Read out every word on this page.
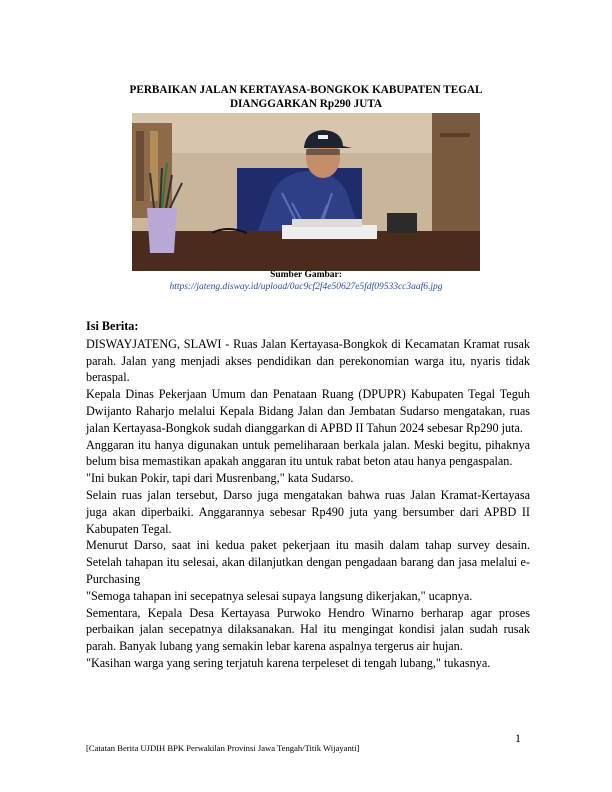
PERBAIKAN JALAN KERTAYASA-BONGKOK KABUPATEN TEGAL
DIANGGARKAN Rp290 JUTA
Sumber Gambar:
https://jateng.disway.id/upload/0ac9cf2f4e50627e5fdf09533cc3aaf6.jpg

Isi Berita:

DISWAYJATENG, SLAWI - Ruas Jalan Kertayasa-Bongkok di Kecamatan Kramat rusak parah. Jalan yang menjadi akses pendidikan dan perekonomian warga itu, nyaris tidak beraspal.

Kepala Dinas Pekerjaan Umum dan Penataan Ruang (DPUPR) Kabupaten Tegal Teguh Dwijanto Raharjo melalui Kepala Bidang Jalan dan Jembatan Sudarso mengatakan, ruas jalan Kertayasa-Bongkok sudah dianggarkan di APBD II Tahun 2024 sebesar Rp290 juta.

Anggaran itu hanya digunakan untuk pemeliharaan berkala jalan. Meski begitu, pihaknya belum bisa memastikan apakah anggaran itu untuk rabat beton atau hanya pengaspalan.

"Ini bukan Pokir, tapi dari Musrenbang," kata Sudarso.

Selain ruas jalan tersebut, Darso juga mengatakan bahwa ruas Jalan Kramat-Kertayasa juga akan diperbaiki. Anggarannya sebesar Rp490 juta yang bersumber dari APBD II Kabupaten Tegal.

Menurut Darso, saat ini kedua paket pekerjaan itu masih dalam tahap survey desain. Setelah tahapan itu selesai, akan dilanjutkan dengan pengadaan barang dan jasa melalui e-Purchasing

"Semoga tahapan ini secepatnya selesai supaya langsung dikerjakan," ucapnya.

Sementara, Kepala Desa Kertayasa Purwoko Hendro Winarno berharap agar proses perbaikan jalan secepatnya dilaksanakan. Hal itu mengingat kondisi jalan sudah rusak parah. Banyak lubang yang semakin lebar karena aspalnya tergerus air hujan.

"Kasihan warga yang sering terjatuh karena terpeleset di tengah lubang," tukasnya.

1
[Catatan Berita UJDIH BPK Perwakilan Provinsi Jawa Tengah/Titik Wijayanti]
